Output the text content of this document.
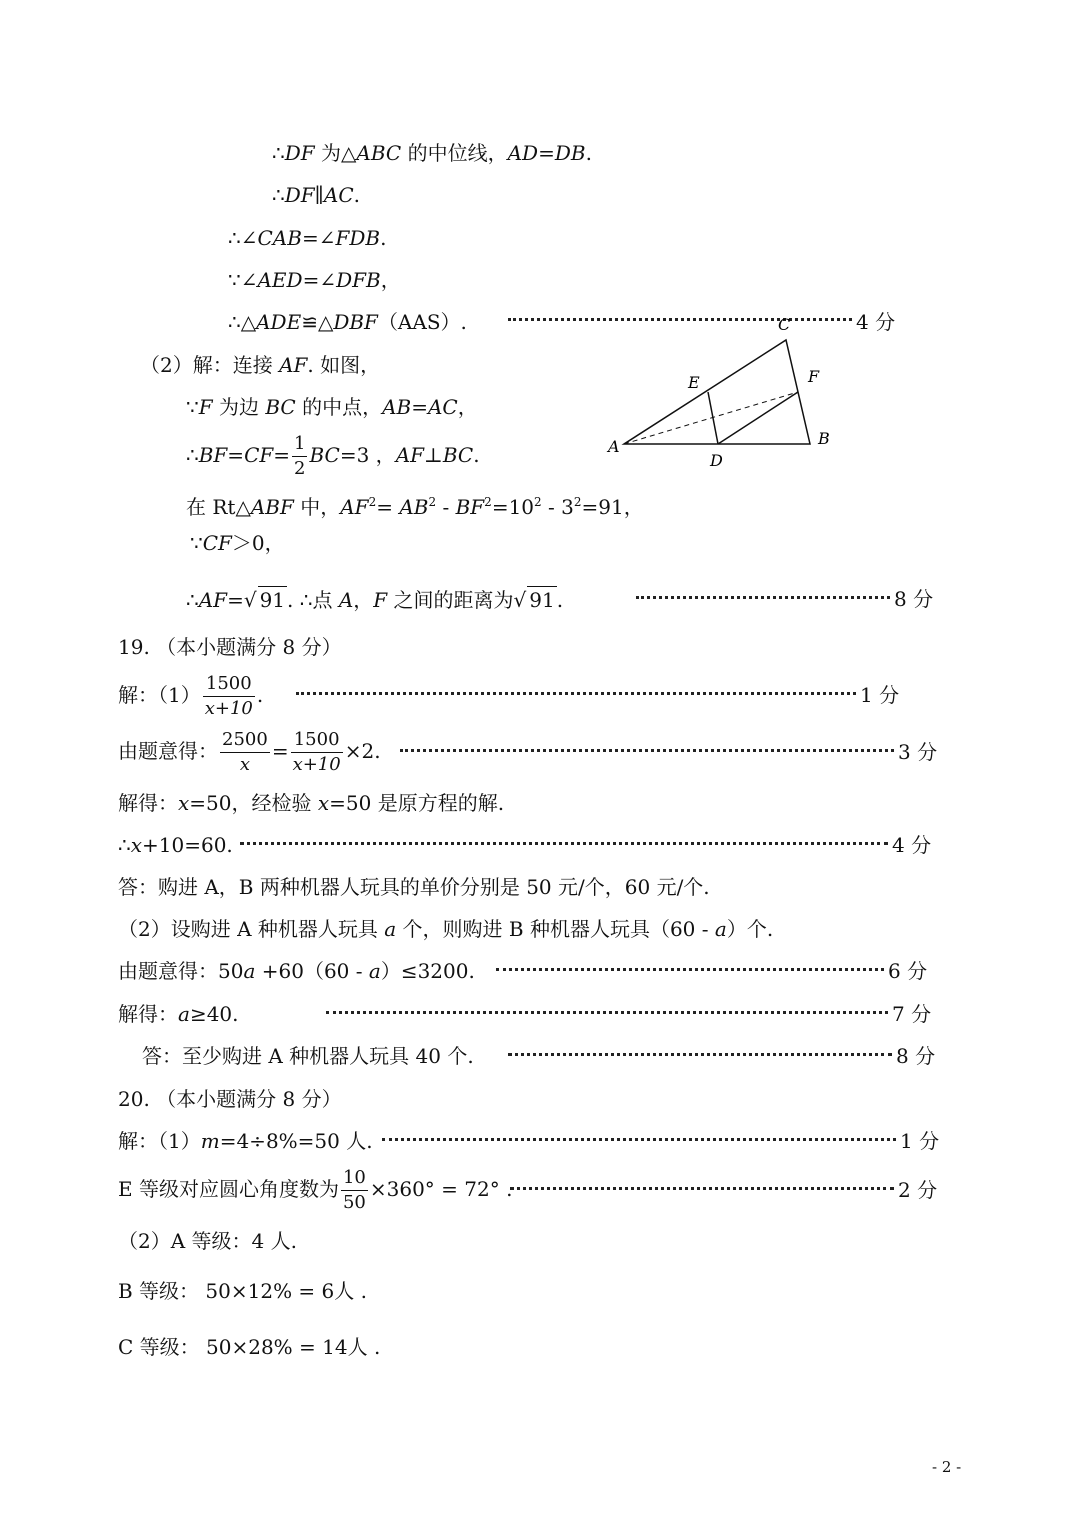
∴DF 为△ABC 的中位线，AD=DB.
∴DF∥AC.
∴∠CAB=∠FDB.
∵∠AED=∠DFB，
∴△ADE≌△DBF（AAS）.	4 分
（2）解：连接 AF. 如图，
∵F 为边 BC 的中点，AB=AC，
∴BF=CF= $\frac{1}{2} BC=3$ ，AF⊥BC.
在 Rt△ABF 中，$AF^2= AB^2 - BF^2=10^2 - 3^2=91$，
∵CF＞0，
∴AF=√ 91 . ∴点 A，F 之间的距离为√ 91 .	8 分
A	B
C
D
E	F
19. （本小题满分 8 分）
解：$(1) \frac{1500}{x+10}$ .	1 分
由题意得： $\frac{2500}{x} = \frac{1500}{x+10} \times 2$.	3 分
解得：x=50，经检验 x=50 是原方程的解.
∴x+10=60.	4 分
答：购进 A，B 两种机器人玩具的单价分别是 50 元/个，60 元/个.
（2）设购进 A 种机器人玩具 a 个，则购进 B 种机器人玩具（60 - a）个.
由题意得：50a +60（60 - a）≤3200.	6 分
解得：a≥40.	7 分
答：至少购进 A 种机器人玩具 40 个.	8 分
20. （本小题满分 8 分）
解：（1）m=4÷8%=50 人.	1 分
E 等级对应圆心角度数为 $\frac{10}{50} \times 360^\circ = 72^\circ$ .	2 分
（2）A 等级：4 人.
B 等级： 50×12% = 6人 .
C 等级： 50×28% = 14人 .
- 2 -
